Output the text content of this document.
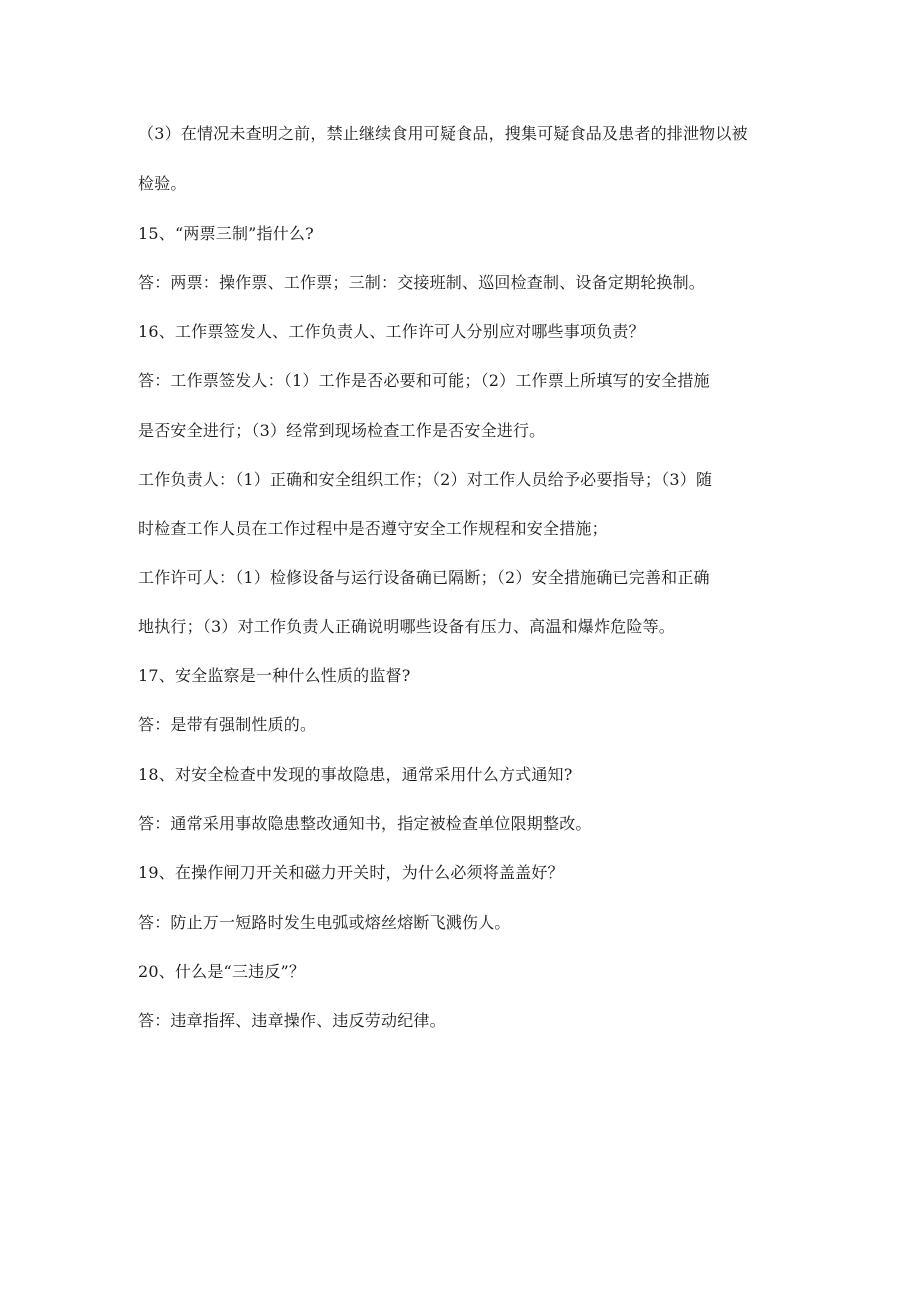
（3）在情况未查明之前，禁止继续食用可疑食品，搜集可疑食品及患者的排泄物以被
检验。
15、“两票三制”指什么?
答：两票：操作票、工作票；三制：交接班制、巡回检查制、设备定期轮换制。
16、工作票签发人、工作负责人、工作许可人分别应对哪些事项负责？
答：工作票签发人：（1）工作是否必要和可能；（2）工作票上所填写的安全措施
是否安全进行；（3）经常到现场检查工作是否安全进行。
工作负责人：（1）正确和安全组织工作；（2）对工作人员给予必要指导；（3）随
时检查工作人员在工作过程中是否遵守安全工作规程和安全措施；
工作许可人：（1）检修设备与运行设备确已隔断；（2）安全措施确已完善和正确
地执行；（3）对工作负责人正确说明哪些设备有压力、高温和爆炸危险等。
17、安全监察是一种什么性质的监督?
答：是带有强制性质的。
18、对安全检查中发现的事故隐患，通常采用什么方式通知?
答：通常采用事故隐患整改通知书，指定被检查单位限期整改。
19、在操作闸刀开关和磁力开关时，为什么必须将盖盖好？
答：防止万一短路时发生电弧或熔丝熔断飞溅伤人。
20、什么是“三违反”？
答：违章指挥、违章操作、违反劳动纪律。
